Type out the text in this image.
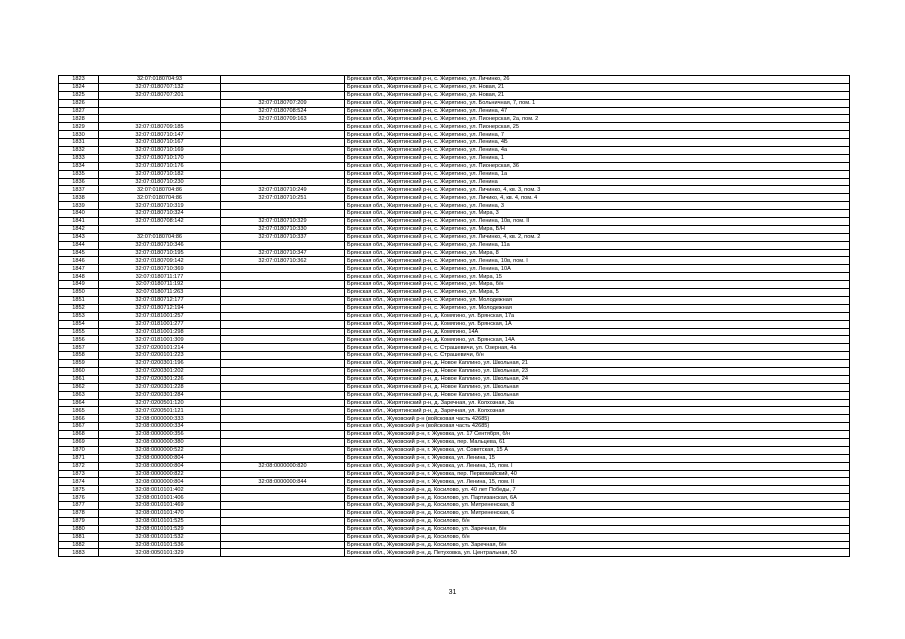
1823	32:07:0180704:93		Брянская обл., Жирятинский р-н, с. Жирятино, ул. Личинко, 26
1824	32:07:0180707:132		Брянская обл., Жирятинский р-н, с. Жирятино, ул. Новая, 21
1825	32:07:0180707:201		Брянская обл., Жирятинский р-н, с. Жирятино, ул. Новая, 21
1826		32:07:0180707:209	Брянская обл., Жирятинский р-н, с. Жирятино, ул. Больничная, 7, пом. 1
1827		32:07:0180708:524	Брянская обл., Жирятинский р-н, с. Жирятино, ул. Ленина, 47
1828		32:07:0180709:163	Брянская обл., Жирятинский р-н, с. Жирятино, ул. Пионерская, 2а, пом. 2
1829	32:07:0180709:185		Брянская обл., Жирятинский р-н, с. Жирятино, ул. Пионерская, 25
1830	32:07:0180710:147		Брянская обл., Жирятинский р-н, с. Жирятино, ул. Ленина, 7
1831	32:07:0180710:167		Брянская обл., Жирятинский р-н, с. Жирятино, ул. Ленина, 4Б
1832	32:07:0180710:169		Брянская обл., Жирятинский р-н, с. Жирятино, ул. Ленина, 4а
1833	32:07:0180710:170		Брянская обл., Жирятинский р-н, с. Жирятино, ул. Ленина, 1
1834	32:07:0180710:176		Брянская обл., Жирятинский р-н, с. Жирятино, ул. Пионерская, 36
1835	32:07:0180710:182		Брянская обл., Жирятинский р-н, с. Жирятино, ул. Ленина, 1а
1836	32:07:0180710:230		Брянская обл., Жирятинский р-н, с. Жирятино, ул. Ленина
1837	32:07:0180704:86	32:07:0180710:249	Брянская обл., Жирятинский р-н, с. Жирятино, ул. Личинко, 4, кв. 3, пом. 3
1838	32:07:0180704:86	32:07:0180710:251	Брянская обл., Жирятинский р-н, с. Жирятино, ул. Личико, 4, кв. 4, пом. 4
1839	32:07:0180710:319		Брянская обл., Жирятинский р-н, с. Жирятино, ул. Ленина, 3
1840	32:07:0180710:324		Брянская обл., Жирятинский р-н, с. Жирятино, ул. Мира, 3
1841	32:07:0180708:142	32:07:0180710:329	Брянская обл., Жирятинский р-н, с. Жирятино, ул. Ленина, 10в, пом. II
1842		32:07:0180710:330	Брянская обл., Жирятинский р-н, с. Жирятино, ул. Мира, Б/Н
1843	32:07:0180704:86	32:07:0180710:337	Брянская обл., Жирятинский р-н, с. Жирятино, ул. Личинко, 4, кв. 2, пом. 2
1844	32:07:0180710:346		Брянская обл., Жирятинский р-н, с. Жирятино, ул. Ленина, 11а
1845	32:07:0180710:195	32:07:0180710:347	Брянская обл., Жирятинский р-н, с. Жирятино, ул. Мира, 8
1846	32:07:0180709:142	32:07:0180710:362	Брянская обл., Жирятинский р-н, с. Жирятино, ул. Ленина, 10в, пом. I
1847	32:07:0180710:369		Брянская обл., Жирятинский р-н, с. Жирятино, ул. Ленина, 10А
1848	32:07:0180711:177		Брянская обл., Жирятинский р-н, с. Жирятино, ул. Мира, 15
1849	32:07:0180711:192		Брянская обл., Жирятинский р-н, с. Жирятино, ул. Мира, б/н
1850	32:07:0180711:263		Брянская обл., Жирятинский р-н, с. Жирятино, ул. Мира, 5
1851	32:07:0180712:177		Брянская обл., Жирятинский р-н, с. Жирятино, ул. Молодежная
1852	32:07:0180712:194		Брянская обл., Жирятинский р-н, с. Жирятино, ул. Молодежная
1853	32:07:0181001:257		Брянская обл., Жирятинский р-н, д. Комягино, ул. Брянская, 17а
1854	32:07:0181001:277		Брянская обл., Жирятинский р-н, д. Комягино, ул. Брянская, 1А
1855	32:07:0181001:298		Брянская обл., Жирятинский р-н, д. Комягино, 14А
1856	32:07:0181001:309		Брянская обл., Жирятинский р-н, д. Комягино, ул. Брянская, 14А
1857	32:07:0200101:214		Брянская обл., Жирятинский р-н, с. Страшевичи, ул. Озерная, 4а
1858	32:07:0200101:223		Брянская обл., Жирятинский р-н, с. Страшевичи, б/н
1859	32:07:0200301:196		Брянская обл., Жирятинский р-н, д. Новое Каплино, ул. Школьная, 21
1860	32:07:0200301:202		Брянская обл., Жирятинский р-н, д. Новое Каплино, ул. Школьная, 23
1861	32:07:0200301:226		Брянская обл., Жирятинский р-н, д. Новое Каплино, ул. Школьная, 24
1862	32:07:0200301:228		Брянская обл., Жирятинский р-н, д. Новое Каплино, ул. Школьная
1863	32:07:0200301:284		Брянская обл., Жирятинский р-н, д. Новое Каплино, ул. Школьная
1864	32:07:0200501:120		Брянская обл., Жирятинский р-н, д. Заречная, ул. Колхозная, 3а
1865	32:07:0200501:121		Брянская обл., Жирятинский р-н, д. Заречная, ул. Колхозная
1866	32:08:0000000:333		Брянская обл., Жуковский р-н (войсковая часть 42685)
1867	32:08:0000000:334		Брянская обл., Жуковский р-н (войсковая часть 42685)
1868	32:08:0000000:356		Брянская обл., Жуковский р-н, г. Жуковка, ул. 17 Сентября, б/н
1869	32:08:0000000:380		Брянская обл., Жуковский р-н, г. Жуковка, пер. Мальцева, 61
1870	32:08:0000000:522		Брянская обл., Жуковский р-н, г. Жуковка, ул. Советская, 15 А
1871	32:08:0000000:804		Брянская обл., Жуковский р-н, г. Жуковка, ул. Ленина, 15
1872	32:08:0000000:804	32:08:0000000:820	Брянская обл., Жуковский р-н, г. Жуковка, ул. Ленина, 15, пом. I
1873	32:08:0000000:822		Брянская обл., Жуковский р-н, г. Жуковка, пер. Первомайский, 40
1874	32:08:0000000:804	32:08:0000000:844	Брянская обл., Жуковский р-н, г. Жуковка, ул. Ленина, 15, пом. II
1875	32:08:0010101:402		Брянская обл., Жуковский р-н, д. Косилово, ул. 40 лет Победы, 7
1876	32:08:0010101:406		Брянская обл., Жуковский р-н, д. Косилово, ул. Партизанская, 6А
1877	32:08:0010101:469		Брянская обл., Жуковский р-н, д. Косилово, ул. Митрененская, 8
1878	32:08:0010101:470		Брянская обл., Жуковский р-н, д. Косилово, ул. Митрененская, 6
1879	32:08:0010101:525		Брянская обл., Жуковский р-н, д. Косилово, б/н
1880	32:08:0010101:529		Брянская обл., Жуковский р-н, д. Косилово, ул. Заречная, б/н
1881	32:08:0010101:532		Брянская обл., Жуковский р-н, д. Косилово, б/н
1882	32:08:0010101:536		Брянская обл., Жуковский р-н, д. Косилово, ул. Заречная, б/н
1883	32:08:0050101:329		Брянская обл., Жуковский р-н, д. Петуховка, ул. Центральная, 50
31
